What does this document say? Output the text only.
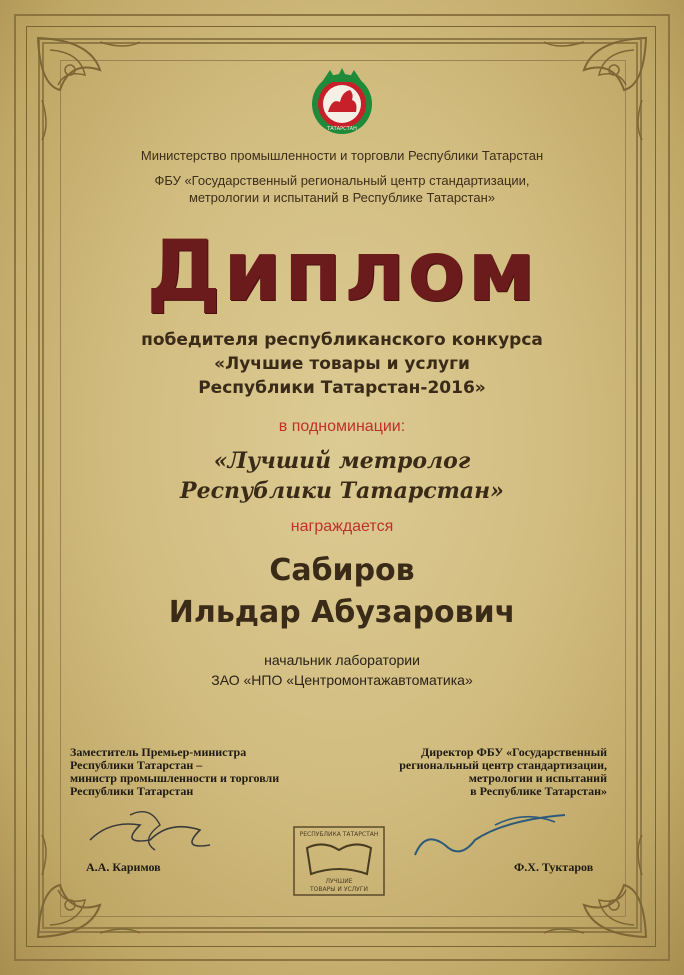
ТАТАРСТАН
Министерство промышленности и торговли Республики Татарстан
ФБУ «Государственный региональный центр стандартизации,
метрологии и испытаний в Республике Татарстан»
Диплом
победителя республиканского конкурса
«Лучшие товары и услуги
Республики Татарстан-2016»
в подноминации:
«Лучший метролог
Республики Татарстан»
награждается
Сабиров
Ильдар Абузарович
начальник лаборатории
ЗАО «НПО «Центромонтажавтоматика»
Заместитель Премьер-министра
Республики Татарстан –
министр промышленности и торговли
Республики Татарстан
Директор ФБУ «Государственный
региональный центр стандартизации,
метрологии и испытаний
в Республике Татарстан»
А.А. Каримов	Ф.Х. Туктаров
РЕСПУБЛИКА ТАТАРСТАН
ЛУЧШИЕ
ТОВАРЫ И УСЛУГИ
